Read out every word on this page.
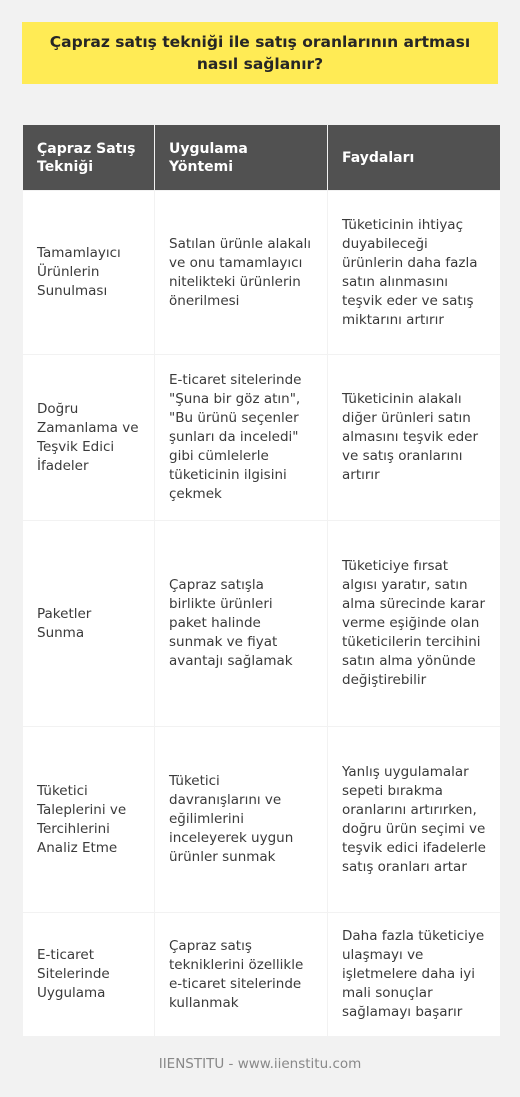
Çapraz satış tekniği ile satış oranlarının artması nasıl sağlanır?
Çapraz Satış Tekniği	Uygulama Yöntemi	Faydaları
Tamamlayıcı Ürünlerin Sunulması	Satılan ürünle alakalı ve onu tamamlayıcı nitelikteki ürünlerin önerilmesi	Tüketicinin ihtiyaç duyabileceği ürünlerin daha fazla satın alınmasını teşvik eder ve satış miktarını artırır
Doğru Zamanlama ve Teşvik Edici İfadeler	E-ticaret sitelerinde "Şuna bir göz atın", "Bu ürünü seçenler şunları da inceledi" gibi cümlelerle tüketicinin ilgisini çekmek	Tüketicinin alakalı diğer ürünleri satın almasını teşvik eder ve satış oranlarını artırır
Paketler Sunma	Çapraz satışla birlikte ürünleri paket halinde sunmak ve fiyat avantajı sağlamak	Tüketiciye fırsat algısı yaratır, satın alma sürecinde karar verme eşiğinde olan tüketicilerin tercihini satın alma yönünde değiştirebilir
Tüketici Taleplerini ve Tercihlerini Analiz Etme	Tüketici davranışlarını ve eğilimlerini inceleyerek uygun ürünler sunmak	Yanlış uygulamalar sepeti bırakma oranlarını artırırken, doğru ürün seçimi ve teşvik edici ifadelerle satış oranları artar
E-ticaret Sitelerinde Uygulama	Çapraz satış tekniklerini özellikle e-ticaret sitelerinde kullanmak	Daha fazla tüketiciye ulaşmayı ve işletmelere daha iyi mali sonuçlar sağlamayı başarır
IIENSTITU - www.iienstitu.com
